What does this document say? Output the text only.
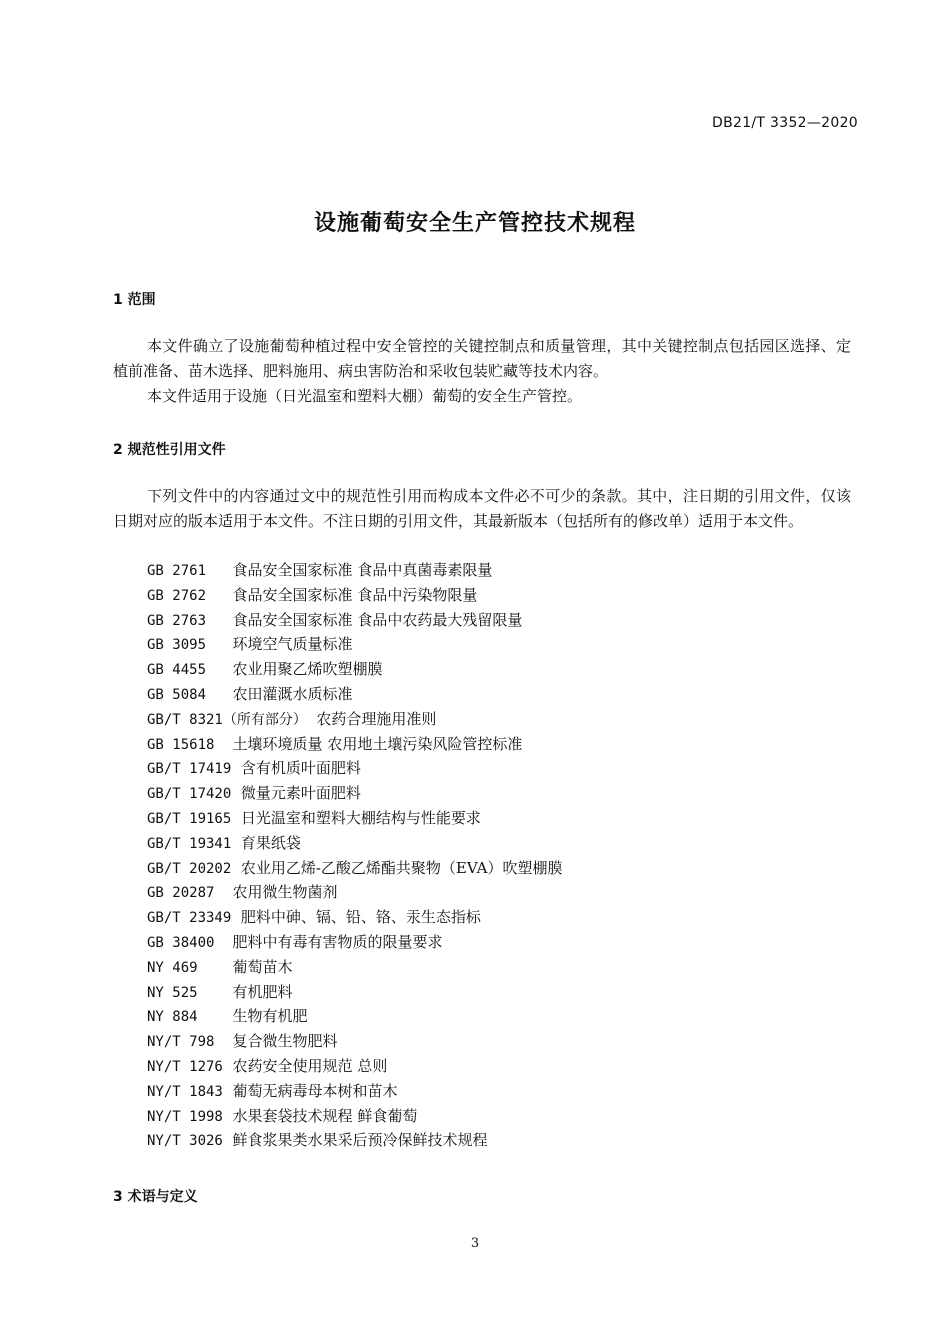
DB21/T 3352—2020
设施葡萄安全生产管控技术规程
1 范围

本文件确立了设施葡萄种植过程中安全管控的关键控制点和质量管理，其中关键控制点包括园区选择、定植前准备、苗木选择、肥料施用、病虫害防治和采收包装贮藏等技术内容。

本文件适用于设施（日光温室和塑料大棚）葡萄的安全生产管控。

2 规范性引用文件

下列文件中的内容通过文中的规范性引用而构成本文件必不可少的条款。其中，注日期的引用文件，仅该日期对应的版本适用于本文件。不注日期的引用文件，其最新版本（包括所有的修改单）适用于本文件。

GB 2761 食品安全国家标准 食品中真菌毒素限量
GB 2762 食品安全国家标准 食品中污染物限量
GB 2763 食品安全国家标准 食品中农药最大残留限量
GB 3095 环境空气质量标准
GB 4455 农业用聚乙烯吹塑棚膜
GB 5084 农田灌溉水质标准
GB/T 8321（所有部分） 农药合理施用准则
GB 15618 土壤环境质量 农用地土壤污染风险管控标准
GB/T 17419 含有机质叶面肥料
GB/T 17420 微量元素叶面肥料
GB/T 19165 日光温室和塑料大棚结构与性能要求
GB/T 19341 育果纸袋
GB/T 20202 农业用乙烯-乙酸乙烯酯共聚物（EVA）吹塑棚膜
GB 20287 农用微生物菌剂
GB/T 23349 肥料中砷、镉、铅、铬、汞生态指标
GB 38400 肥料中有毒有害物质的限量要求
NY 469 葡萄苗木
NY 525 有机肥料
NY 884 生物有机肥
NY/T 798 复合微生物肥料
NY/T 1276 农药安全使用规范 总则
NY/T 1843 葡萄无病毒母本树和苗木
NY/T 1998 水果套袋技术规程 鲜食葡萄
NY/T 3026 鲜食浆果类水果采后预冷保鲜技术规程
3 术语与定义
3
